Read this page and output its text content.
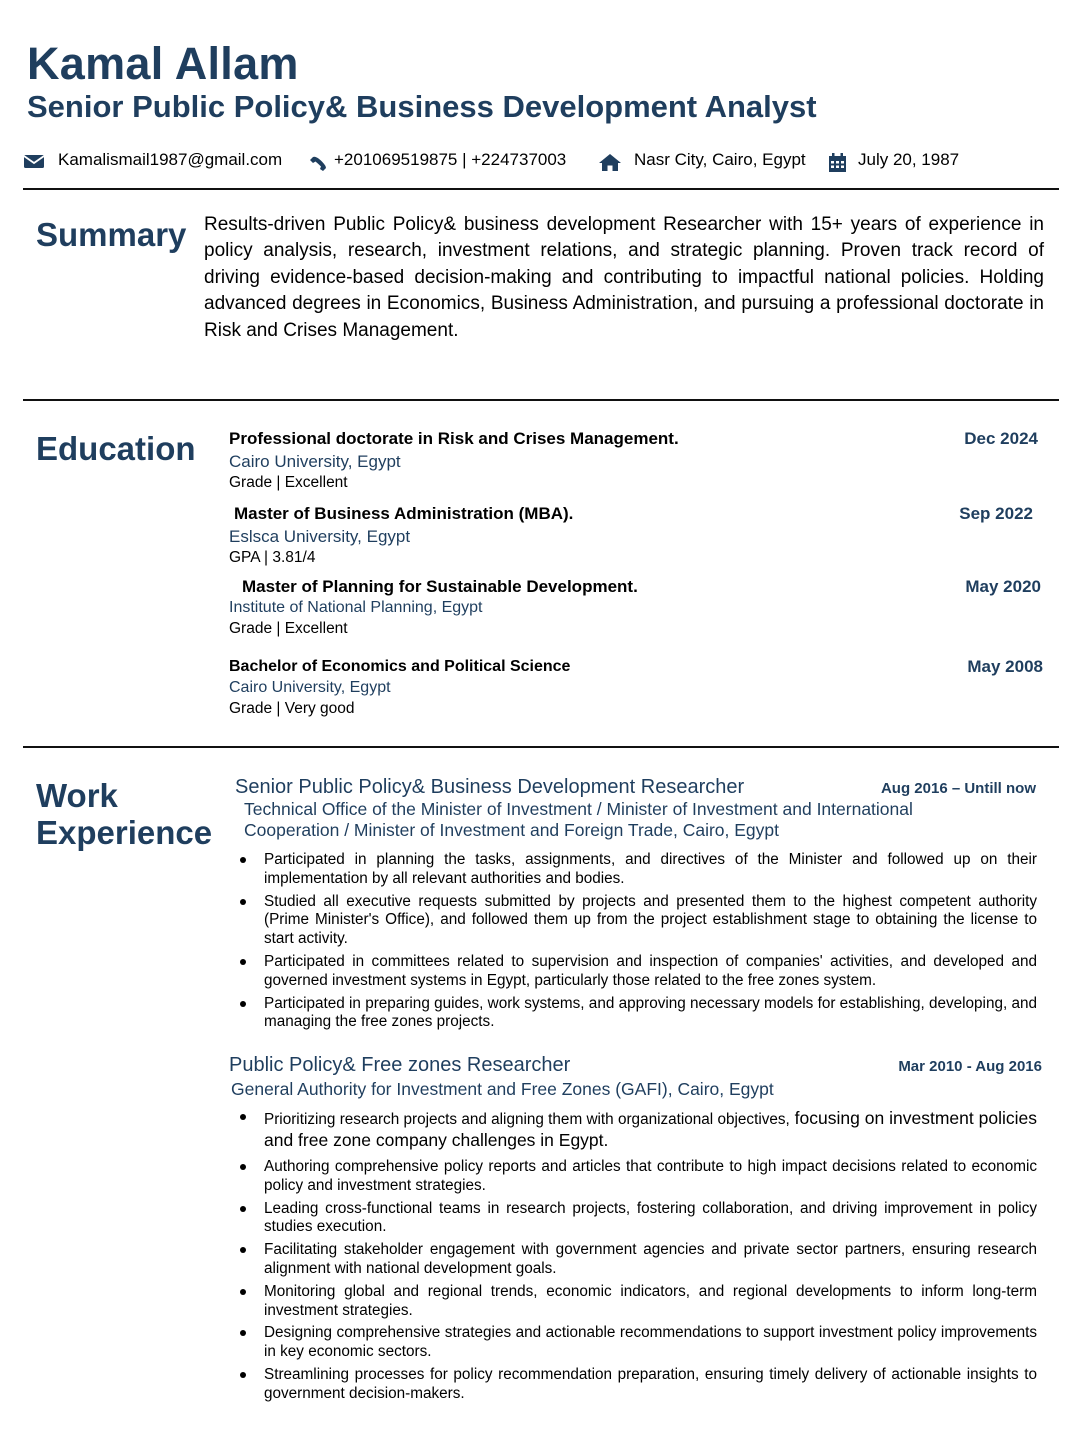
Kamal Allam
Senior Public Policy& Business Development Analyst
Kamalismail1987@gmail.com	+201069519875 | +224737003	Nasr City, Cairo, Egypt	July 20, 1987
Summary Results-driven Public Policy& business development Researcher with 15+ years of experience in policy analysis, research, investment relations, and strategic planning. Proven track record of driving evidence-based decision-making and contributing to impactful national policies. Holding advanced degrees in Economics, Business Administration, and pursuing a professional doctorate in Risk and Crises Management.
Education Professional doctorate in Risk and Crises Management.	Dec 2024
Cairo University, Egypt
Grade | Excellent
Master of Business Administration (MBA).	Sep 2022
Eslsca University, Egypt
GPA | 3.81/4
Master of Planning for Sustainable Development.	May 2020
Institute of National Planning, Egypt
Grade | Excellent
Bachelor of Economics and Political Science	May 2008
Cairo University, Egypt
Grade | Very good
Work
Experience
Senior Public Policy& Business Development Researcher	Aug 2016 – Untill now
Technical Office of the Minister of Investment / Minister of Investment and International
Cooperation / Minister of Investment and Foreign Trade, Cairo, Egypt
Participated in planning the tasks, assignments, and directives of the Minister and followed up on their implementation by all relevant authorities and bodies.
Studied all executive requests submitted by projects and presented them to the highest competent authority (Prime Minister's Office), and followed them up from the project establishment stage to obtaining the license to start activity.
Participated in committees related to supervision and inspection of companies' activities, and developed and governed investment systems in Egypt, particularly those related to the free zones system.
Participated in preparing guides, work systems, and approving necessary models for establishing, developing, and managing the free zones projects.
Public Policy& Free zones Researcher	Mar 2010 - Aug 2016
General Authority for Investment and Free Zones (GAFI), Cairo, Egypt
Prioritizing research projects and aligning them with organizational objectives, focusing on investment policies and free zone company challenges in Egypt.
Authoring comprehensive policy reports and articles that contribute to high impact decisions related to economic policy and investment strategies.
Leading cross-functional teams in research projects, fostering collaboration, and driving improvement in policy studies execution.
Facilitating stakeholder engagement with government agencies and private sector partners, ensuring research alignment with national development goals.
Monitoring global and regional trends, economic indicators, and regional developments to inform long-term investment strategies.
Designing comprehensive strategies and actionable recommendations to support investment policy improvements in key economic sectors.
Streamlining processes for policy recommendation preparation, ensuring timely delivery of actionable insights to government decision-makers.
